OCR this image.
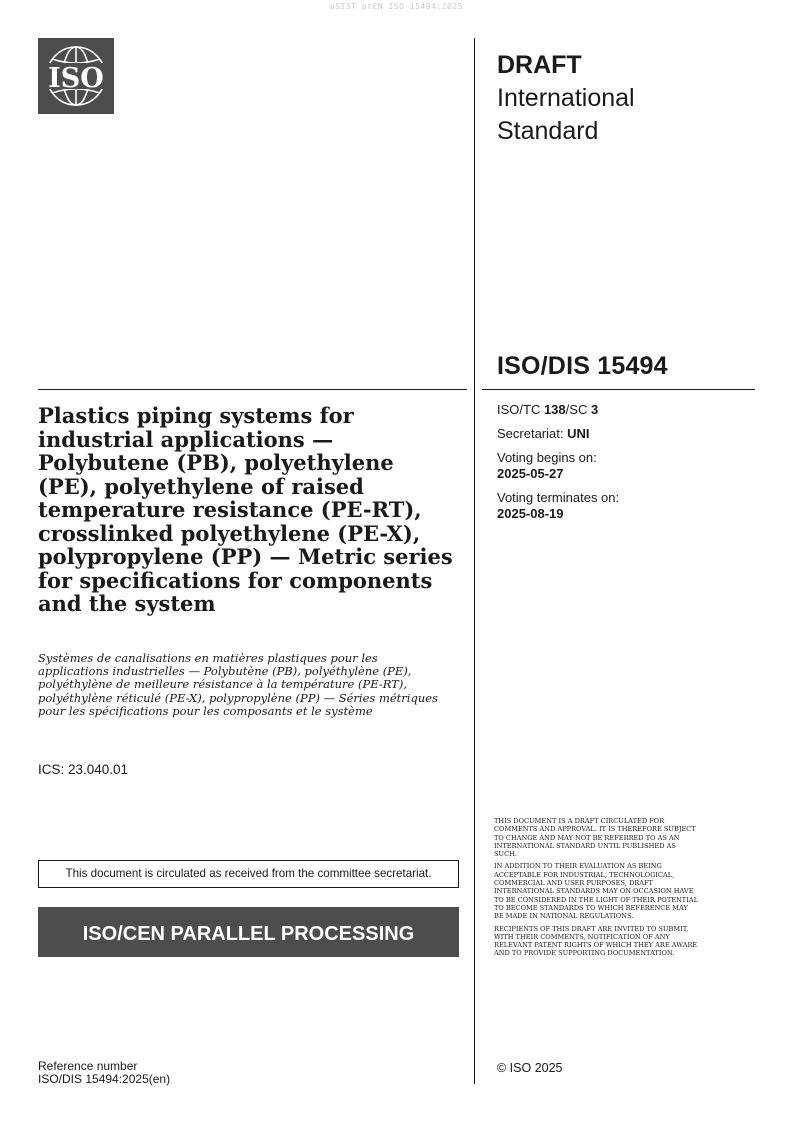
oSIST prEN ISO 15494:2025
ISO	DRAFT
International
Standard
ISO/DIS 15494
ISO/TC 138/SC 3
Secretariat: UNI
Voting begins on:
2025-05-27
Voting terminates on:
2025-08-19
Plastics piping systems for industrial applications — Polybutene (PB), polyethylene (PE), polyethylene of raised temperature resistance (PE-RT), crosslinked polyethylene (PE-X), polypropylene (PP) — Metric series for specifications for components and the system
Systèmes de canalisations en matières plastiques pour les applications industrielles — Polybutène (PB), polyéthylène (PE), polyéthylène de meilleure résistance à la température (PE-RT), polyéthylène réticulé (PE-X), polypropylène (PP) — Séries métriques pour les spécifications pour les composants et le système
ICS: 23.040.01
This document is circulated as received from the committee secretariat.
ISO/CEN PARALLEL PROCESSING
Reference number
ISO/DIS 15494:2025(en)

THIS DOCUMENT IS A DRAFT CIRCULATED FOR COMMENTS AND APPROVAL. IT IS THEREFORE SUBJECT TO CHANGE AND MAY NOT BE REFERRED TO AS AN INTERNATIONAL STANDARD UNTIL PUBLISHED AS SUCH.

IN ADDITION TO THEIR EVALUATION AS BEING ACCEPTABLE FOR INDUSTRIAL, TECHNOLOGICAL, COMMERCIAL AND USER PURPOSES, DRAFT INTERNATIONAL STANDARDS MAY ON OCCASION HAVE TO BE CONSIDERED IN THE LIGHT OF THEIR POTENTIAL TO BECOME STANDARDS TO WHICH REFERENCE MAY BE MADE IN NATIONAL REGULATIONS.

RECIPIENTS OF THIS DRAFT ARE INVITED TO SUBMIT, WITH THEIR COMMENTS, NOTIFICATION OF ANY RELEVANT PATENT RIGHTS OF WHICH THEY ARE AWARE AND TO PROVIDE SUPPORTING DOCUMENTATION.

© ISO 2025
